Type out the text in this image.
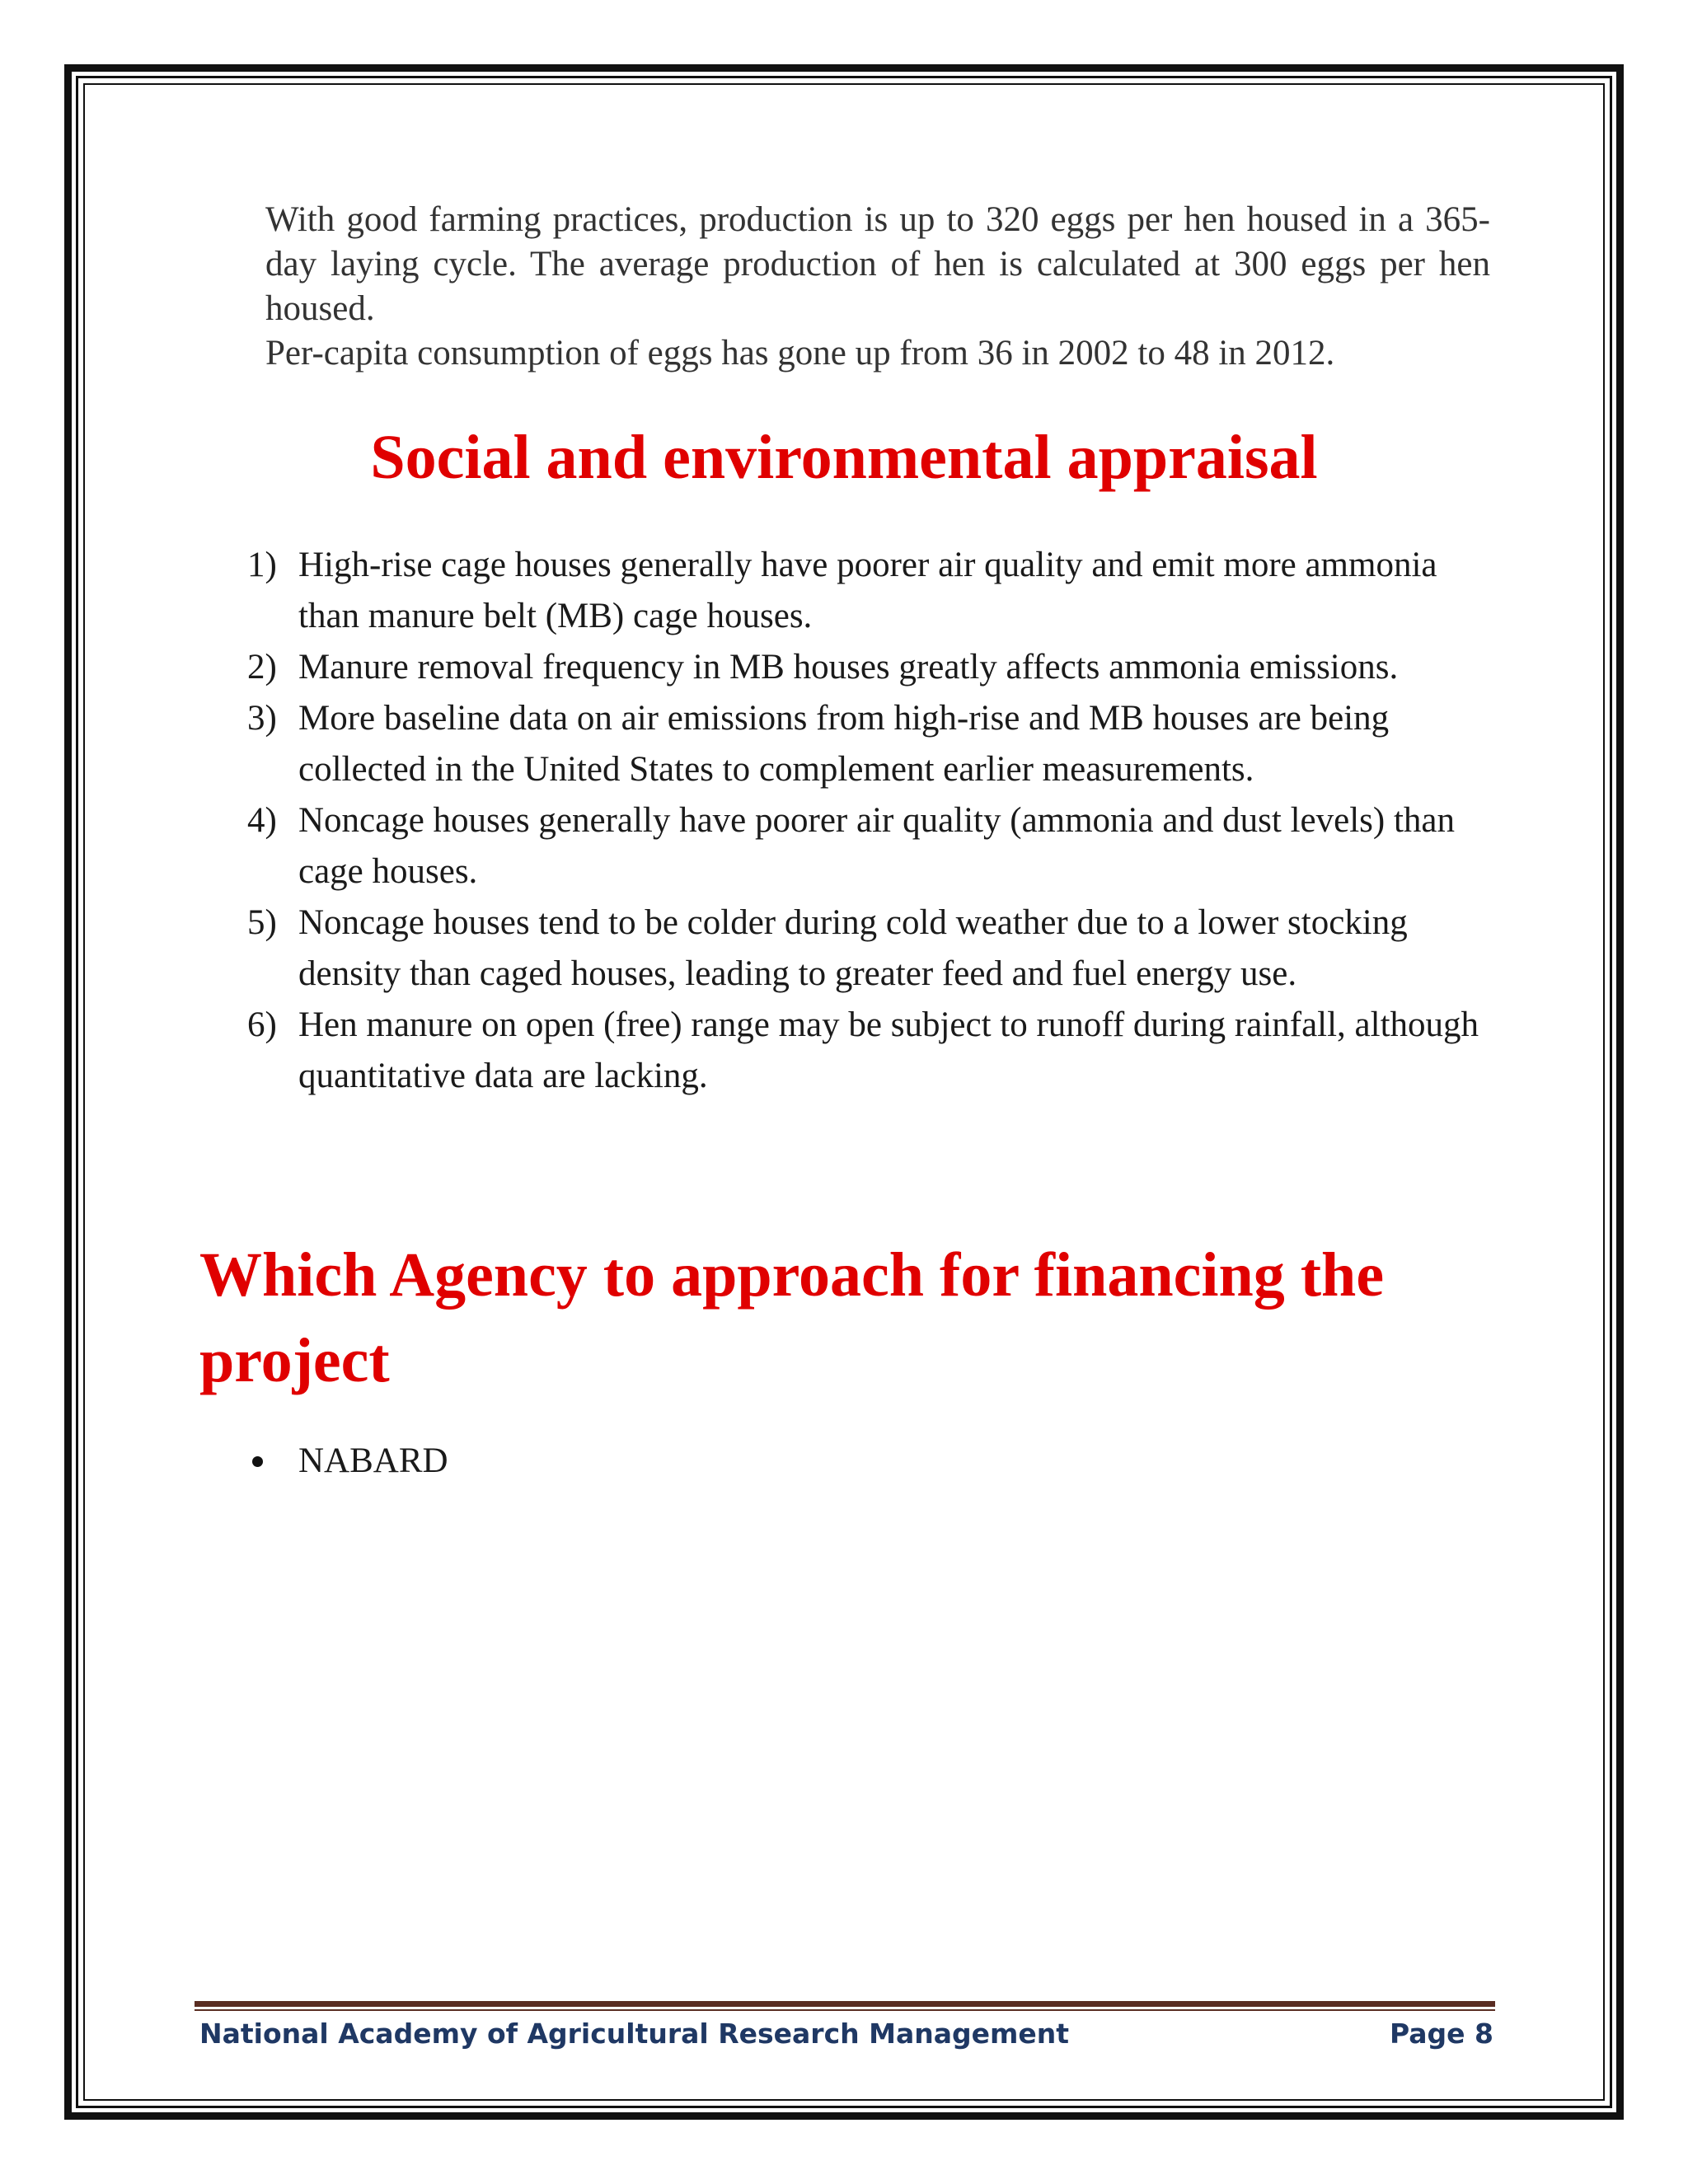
With good farming practices, production is up to 320 eggs per hen housed in a 365-day laying cycle. The average production of hen is calculated at 300 eggs per hen housed.

Per-capita consumption of eggs has gone up from 36 in 2002 to 48 in 2012.

Social and environmental appraisal
1) High-rise cage houses generally have poorer air quality and emit more ammonia than manure belt (MB) cage houses.
2) Manure removal frequency in MB houses greatly affects ammonia emissions.
3) More baseline data on air emissions from high-rise and MB houses are being collected in the United States to complement earlier measurements.
4) Noncage houses generally have poorer air quality (ammonia and dust levels) than cage houses.
5) Noncage houses tend to be colder during cold weather due to a lower stocking density than caged houses, leading to greater feed and fuel energy use.
6) Hen manure on open (free) range may be subject to runoff during rainfall, although quantitative data are lacking.
Which Agency to approach for financing the project
NABARD
National Academy of Agricultural Research Management	Page 8
